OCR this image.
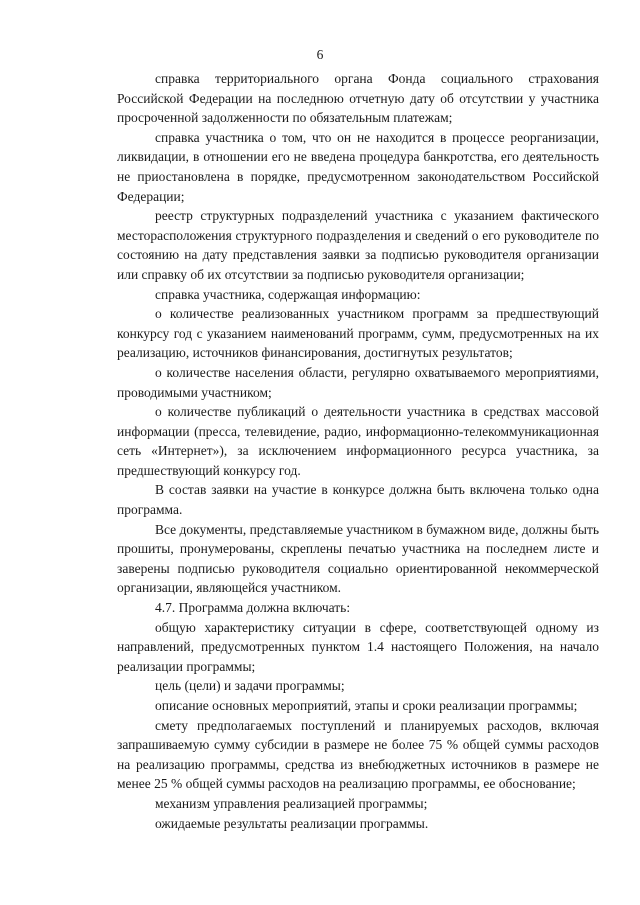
6

справка территориального органа Фонда социального страхования Российской Федерации на последнюю отчетную дату об отсутствии у участника просроченной задолженности по обязательным платежам;

справка участника о том, что он не находится в процессе реорганизации, ликвидации, в отношении его не введена процедура банкротства, его деятельность не приостановлена в порядке, предусмотренном законодательством Российской Федерации;

реестр структурных подразделений участника с указанием фактического месторасположения структурного подразделения и сведений о его руководителе по состоянию на дату представления заявки за подписью руководителя организации или справку об их отсутствии за подписью руководителя организации;

справка участника, содержащая информацию:

о количестве реализованных участником программ за предшествующий конкурсу год с указанием наименований программ, сумм, предусмотренных на их реализацию, источников финансирования, достигнутых результатов;

о количестве населения области, регулярно охватываемого мероприятиями, проводимыми участником;

о количестве публикаций о деятельности участника в средствах массовой информации (пресса, телевидение, радио, информационно-телекоммуникационная сеть «Интернет»), за исключением информационного ресурса участника, за предшествующий конкурсу год.

В состав заявки на участие в конкурсе должна быть включена только одна программа.

Все документы, представляемые участником в бумажном виде, должны быть прошиты, пронумерованы, скреплены печатью участника на последнем листе и заверены подписью руководителя социально ориентированной некоммерческой организации, являющейся участником.

4.7. Программа должна включать:

общую характеристику ситуации в сфере, соответствующей одному из направлений, предусмотренных пунктом 1.4 настоящего Положения, на начало реализации программы;

цель (цели) и задачи программы;

описание основных мероприятий, этапы и сроки реализации программы;

смету предполагаемых поступлений и планируемых расходов, включая запрашиваемую сумму субсидии в размере не более 75 % общей суммы расходов на реализацию программы, средства из внебюджетных источников в размере не менее 25 % общей суммы расходов на реализацию программы, ее обоснование;

механизм управления реализацией программы;

ожидаемые результаты реализации программы.
